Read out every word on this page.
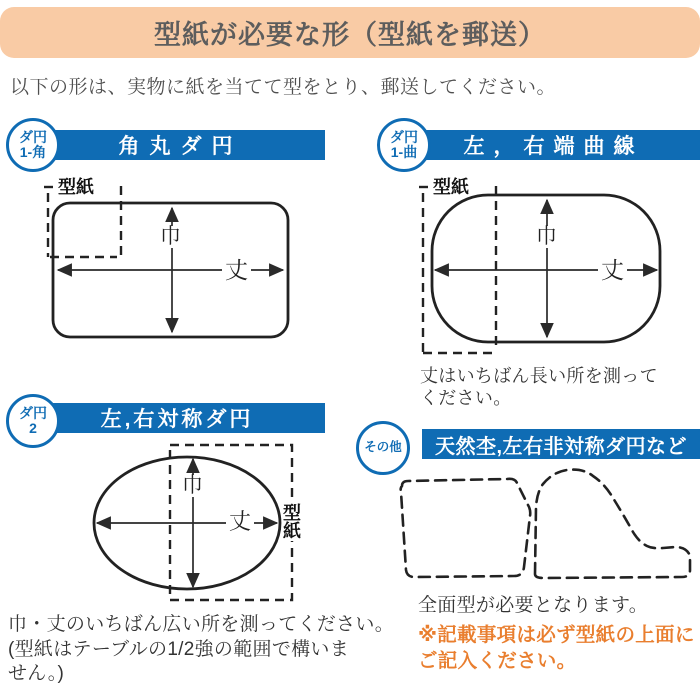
型紙が必要な形（型紙を郵送）
以下の形は、実物に紙を当てて型をとり、郵送してください。
ダ円
1-角	角丸ダ円
型紙
巾
丈
ダ円
1-曲 左，右端曲線
型紙
巾
丈
丈はいちばん長い所を測って
ください。
ダ円
2	左,右対称ダ円
巾
丈 型紙
巾・丈のいちばん広い所を測ってください。
(型紙はテーブルの1/2強の範囲で構いま
せん。)
その他 天然杢,左右非対称ダ円など
全面型が必要となります。
※記載事項は必ず型紙の上面に
ご記入ください。
